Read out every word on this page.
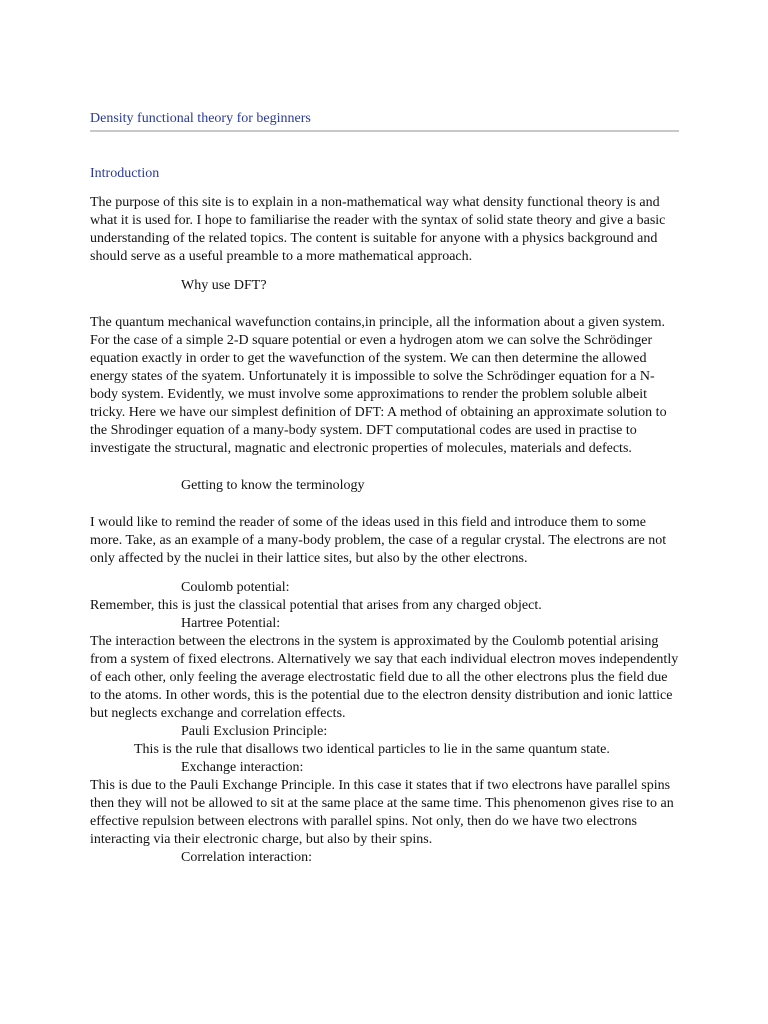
Density functional theory for beginners
Introduction

The purpose of this site is to explain in a non-mathematical way what density functional theory is and what it is used for. I hope to familiarise the reader with the syntax of solid state theory and give a basic understanding of the related topics. The content is suitable for anyone with a physics background and should serve as a useful preamble to a more mathematical approach.

Why use DFT?

The quantum mechanical wavefunction contains,in principle, all the information about a given system. For the case of a simple 2-D square potential or even a hydrogen atom we can solve the Schrödinger equation exactly in order to get the wavefunction of the system. We can then determine the allowed energy states of the syatem. Unfortunately it is impossible to solve the Schrödinger equation for a N-body system. Evidently, we must involve some approximations to render the problem soluble albeit tricky. Here we have our simplest definition of DFT: A method of obtaining an approximate solution to the Shrodinger equation of a many-body system. DFT computational codes are used in practise to investigate the structural, magnatic and electronic properties of molecules, materials and defects.

Getting to know the terminology

I would like to remind the reader of some of the ideas used in this field and introduce them to some more. Take, as an example of a many-body problem, the case of a regular crystal. The electrons are not only affected by the nuclei in their lattice sites, but also by the other electrons.

Coulomb potential:

Remember, this is just the classical potential that arises from any charged object.

Hartree Potential:

The interaction between the electrons in the system is approximated by the Coulomb potential arising from a system of fixed electrons. Alternatively we say that each individual electron moves independently of each other, only feeling the average electrostatic field due to all the other electrons plus the field due to the atoms. In other words, this is the potential due to the electron density distribution and ionic lattice but neglects exchange and correlation effects.

Pauli Exclusion Principle:

This is the rule that disallows two identical particles to lie in the same quantum state.

Exchange interaction:

This is due to the Pauli Exchange Principle. In this case it states that if two electrons have parallel spins then they will not be allowed to sit at the same place at the same time. This phenomenon gives rise to an effective repulsion between electrons with parallel spins. Not only, then do we have two electrons interacting via their electronic charge, but also by their spins.

Correlation interaction:
